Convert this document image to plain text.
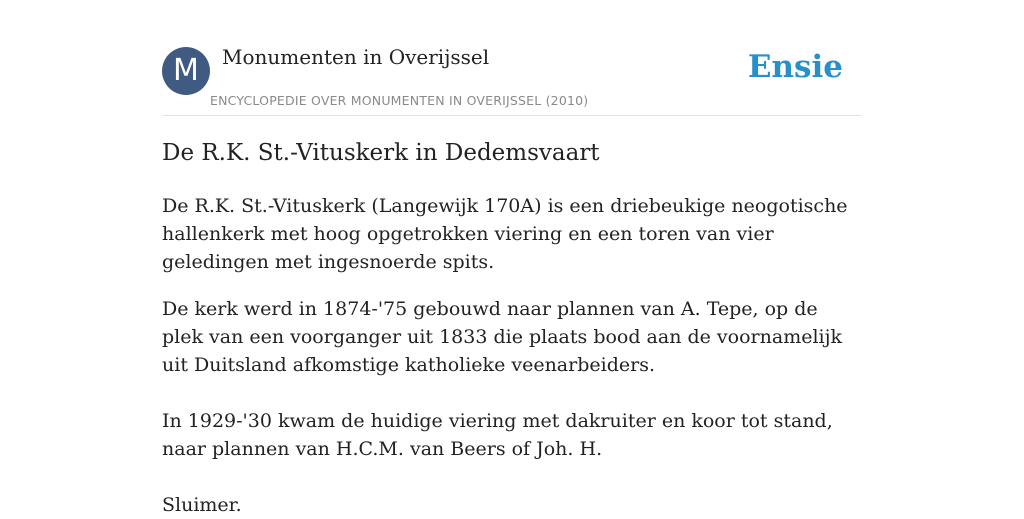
M	Monumenten in Overijssel
ENCYCLOPEDIE OVER MONUMENTEN IN OVERIJSSEL (2010)
Ensie
De R.K. St.-Vituskerk in Dedemsvaart

De R.K. St.-Vituskerk (Langewijk 170A) is een driebeukige neogotische hallenkerk met hoog opgetrokken viering en een toren van vier geledingen met ingesnoerde spits.

De kerk werd in 1874-'75 gebouwd naar plannen van A. Tepe, op de plek van een voorganger uit 1833 die plaats bood aan de voornamelijk uit Duitsland afkomstige katholieke veenarbeiders.

In 1929-'30 kwam de huidige viering met dakruiter en koor tot stand, naar plannen van H.C.M. van Beers of Joh. H.

Sluimer.
